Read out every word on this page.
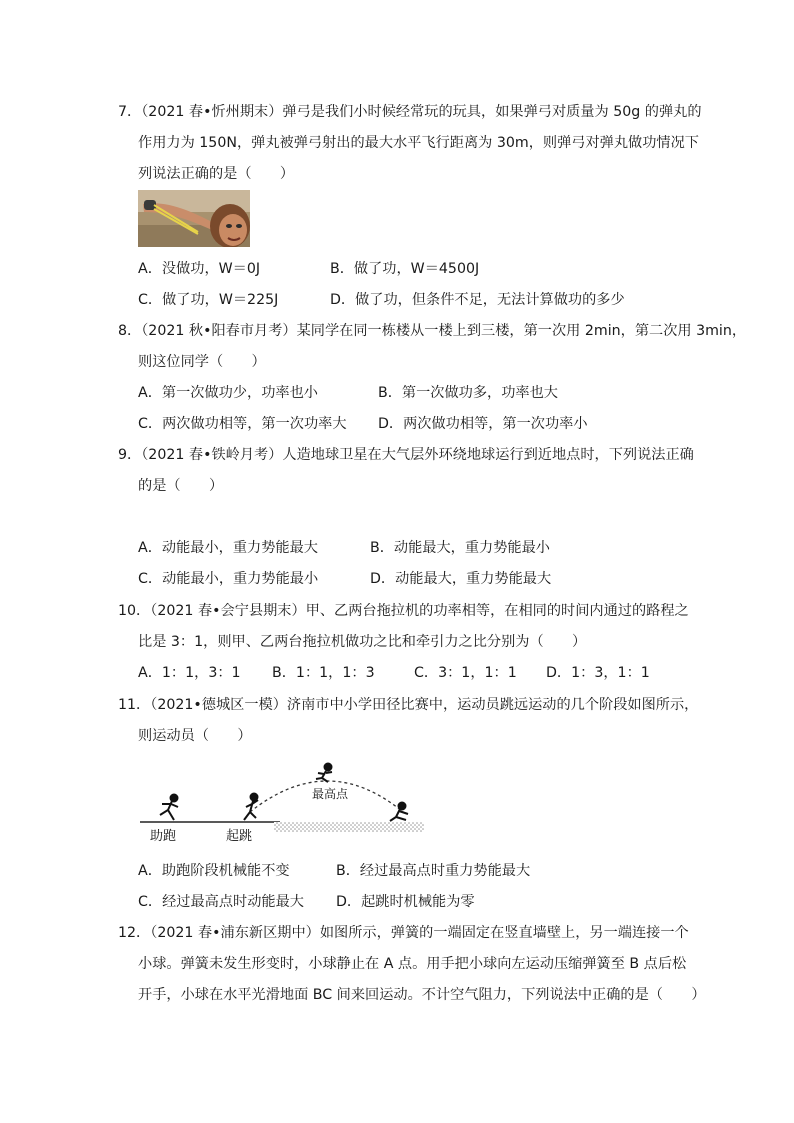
7．（2021 春•忻州期末）弹弓是我们小时候经常玩的玩具，如果弹弓对质量为 50g 的弹丸的
作用力为 150N，弹丸被弹弓射出的最大水平飞行距离为 30m，则弹弓对弹丸做功情况下
列说法正确的是（　　）
A．没做功，W＝0J	B．做了功，W＝4500J
C．做了功，W＝225J	D．做了功，但条件不足，无法计算做功的多少
8．（2021 秋•阳春市月考）某同学在同一栋楼从一楼上到三楼，第一次用 2min，第二次用 3min，
则这位同学（　　）
A．第一次做功少，功率也小	B．第一次做功多，功率也大
C．两次做功相等，第一次功率大 D．两次做功相等，第一次功率小
9．（2021 春•铁岭月考）人造地球卫星在大气层外环绕地球运行到近地点时，下列说法正确
的是（　　）
A．动能最小，重力势能最大	B．动能最大，重力势能最小
C．动能最小，重力势能最小	D．动能最大，重力势能最大
10．（2021 春•会宁县期末）甲、乙两台拖拉机的功率相等，在相同的时间内通过的路程之
比是 3：1，则甲、乙两台拖拉机做功之比和牵引力之比分别为（　　）
A．1：1，3：1 B．1：1，1：3	C．3：1，1：1 D．1：3，1：1
11．（2021•德城区一模）济南市中小学田径比赛中，运动员跳远运动的几个阶段如图所示，
则运动员（　　）
助跑	起跳
最高点
A．助跑阶段机械能不变	B．经过最高点时重力势能最大
C．经过最高点时动能最大 D．起跳时机械能为零
12．（2021 春•浦东新区期中）如图所示，弹簧的一端固定在竖直墙壁上，另一端连接一个
小球。弹簧未发生形变时，小球静止在 A 点。用手把小球向左运动压缩弹簧至 B 点后松
开手，小球在水平光滑地面 BC 间来回运动。不计空气阻力，下列说法中正确的是（　　）
